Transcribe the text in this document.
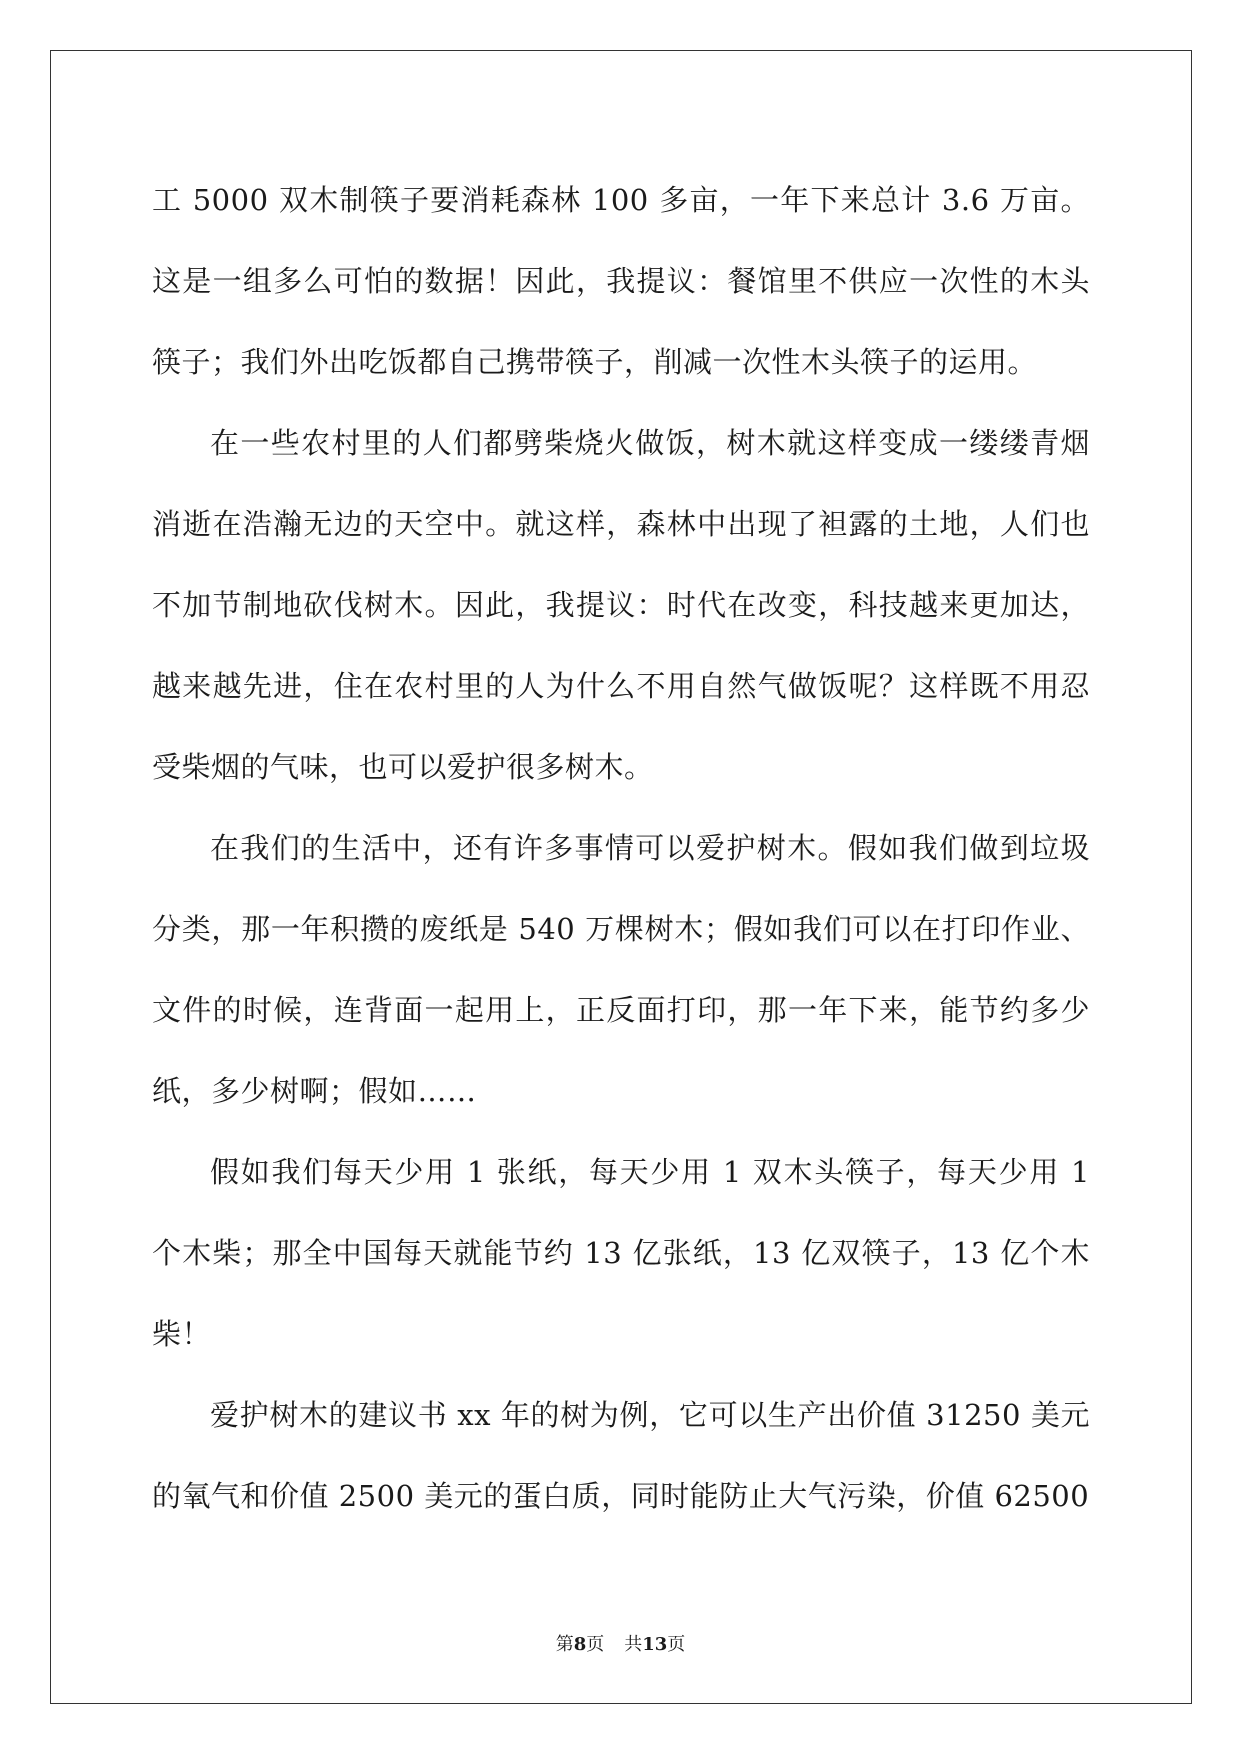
工 5000 双木制筷子要消耗森林 100 多亩，一年下来总计 3.6 万亩。这是一组多么可怕的数据！因此，我提议：餐馆里不供应一次性的木头筷子；我们外出吃饭都自己携带筷子，削减一次性木头筷子的运用。

在一些农村里的人们都劈柴烧火做饭，树木就这样变成一缕缕青烟消逝在浩瀚无边的天空中。就这样，森林中出现了袒露的土地，人们也不加节制地砍伐树木。因此，我提议：时代在改变，科技越来更加达，越来越先进，住在农村里的人为什么不用自然气做饭呢？这样既不用忍受柴烟的气味，也可以爱护很多树木。

在我们的生活中，还有许多事情可以爱护树木。假如我们做到垃圾分类，那一年积攒的废纸是 540 万棵树木；假如我们可以在打印作业、文件的时候，连背面一起用上，正反面打印，那一年下来，能节约多少纸，多少树啊；假如……

假如我们每天少用 1 张纸，每天少用 1 双木头筷子，每天少用 1 个木柴；那全中国每天就能节约 13 亿张纸，13 亿双筷子，13 亿个木柴！

爱护树木的建议书 xx 年的树为例，它可以生产出价值 31250 美元的氧气和价值 2500 美元的蛋白质，同时能防止大气污染，价值 62500

第8页 共13页
